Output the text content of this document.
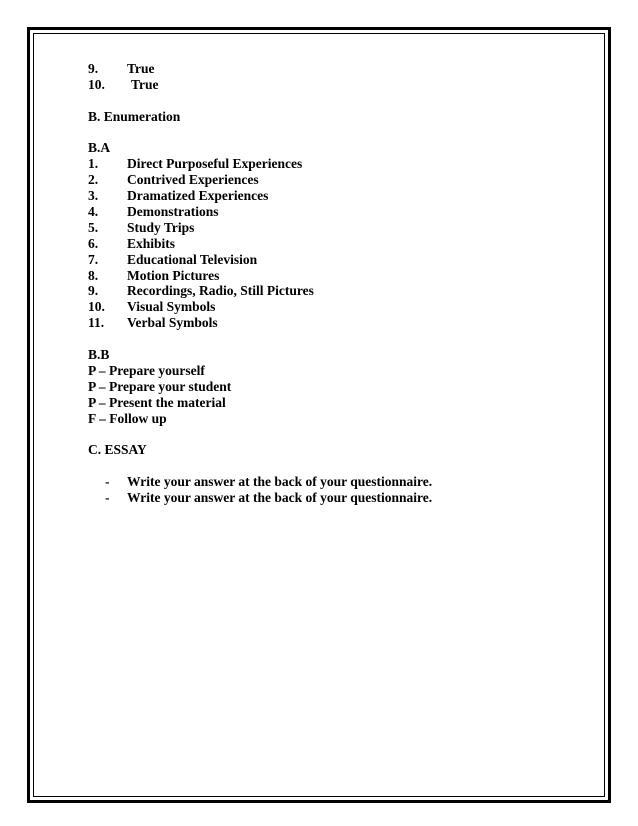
9. True
10. True
B. Enumeration
B.A
1. Direct Purposeful Experiences
2. Contrived Experiences
3. Dramatized Experiences
4. Demonstrations
5. Study Trips
6. Exhibits
7. Educational Television
8. Motion Pictures
9. Recordings, Radio, Still Pictures
10. Visual Symbols
11. Verbal Symbols
B.B
P – Prepare yourself
P – Prepare your student
P – Present the material
F – Follow up
C. ESSAY
- Write your answer at the back of your questionnaire.
- Write your answer at the back of your questionnaire.
